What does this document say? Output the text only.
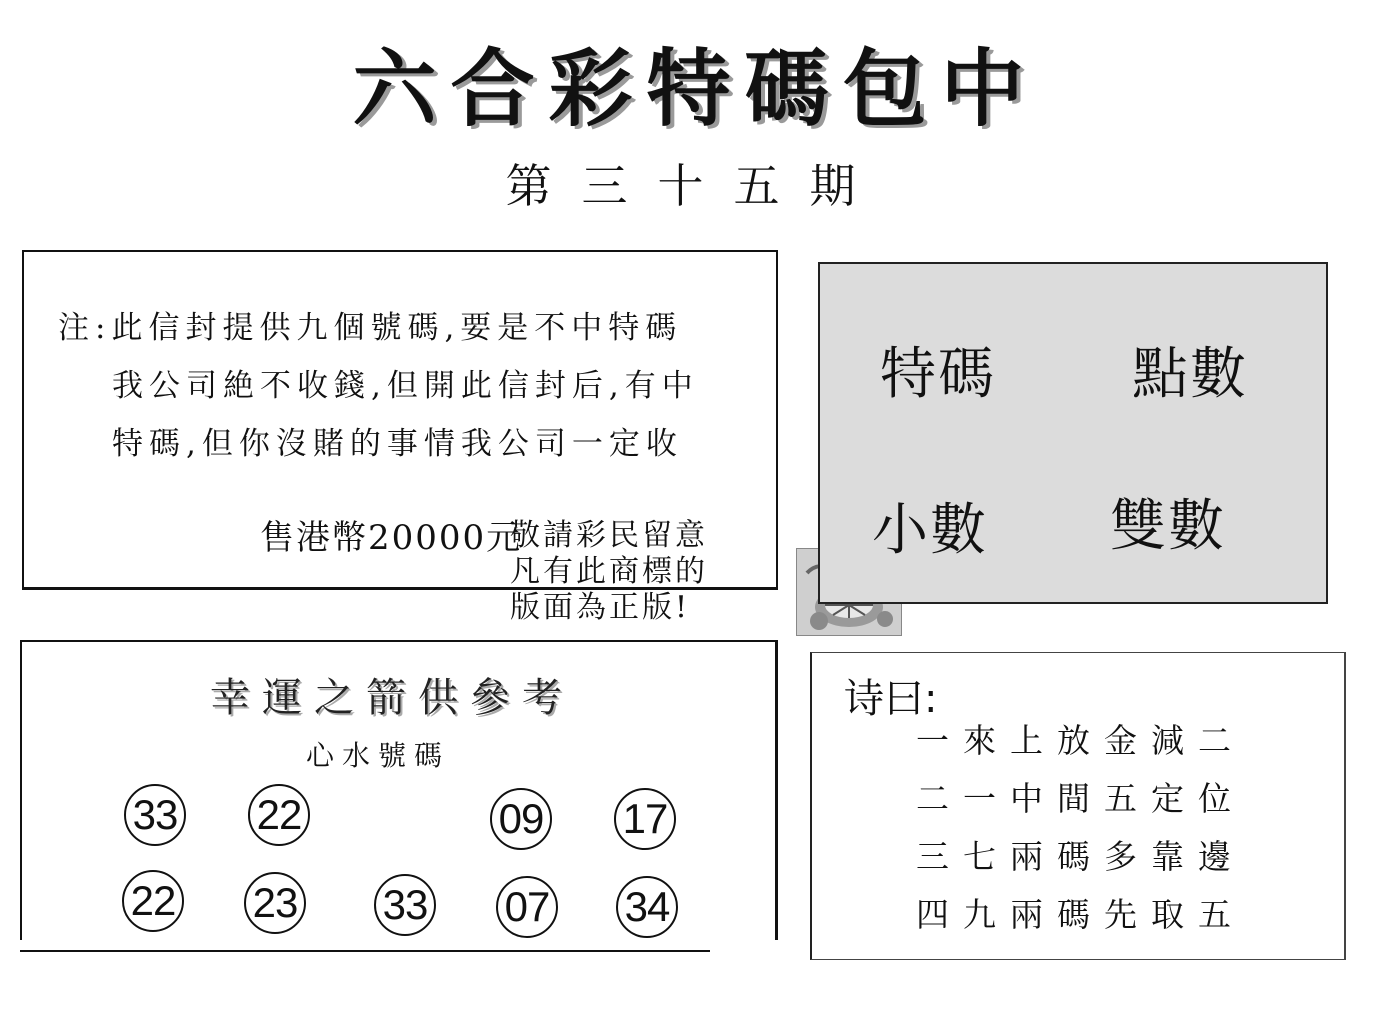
六合彩特碼包中
第三十五期
注:此信封提供九個號碼,要是不中特碼
我公司絶不收錢,但開此信封后,有中
特碼,但你沒賭的事情我公司一定收
售港幣20000元
敬請彩民留意
凡有此商標的
版面為正版!
特碼 點數
小數 雙數
幸運之箭供參考
心水號碼
33 22	09 17
22 23 33 07 34
诗曰:
一來上放金減二
二一中間五定位
三七兩碼多靠邊
四九兩碼先取五
